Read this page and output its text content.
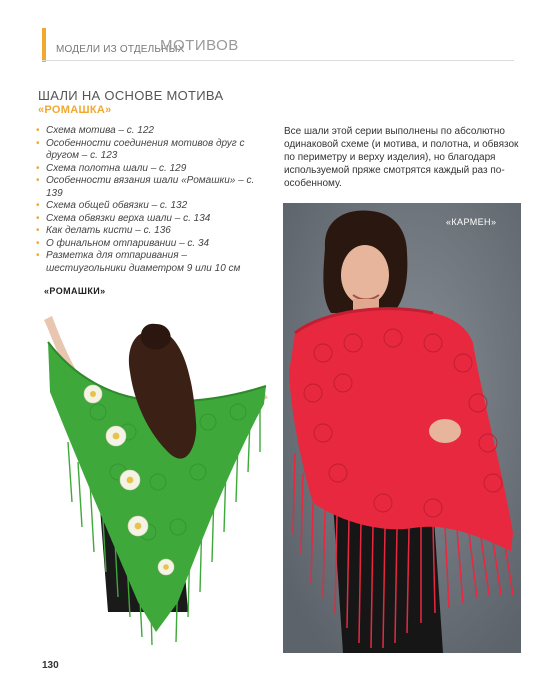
МОДЕЛИ ИЗ ОТДЕЛЬНЫХ
МОТИВОВ
ШАЛИ НА ОСНОВЕ МОТИВА
«РОМАШКА»
• Схема мотива – с. 122
• Особенности соединения мотивов друг с другом – с. 123
• Схема полотна шали – с. 129
• Особенности вязания шали «Ромашки» – с. 139
• Схема общей обвязки – с. 132
• Схема обвязки верха шали – с. 134
• Как делать кисти – с. 136
• О финальном отпаривании – с. 34
• Разметка для отпаривания – шестиугольники диаметром 9 или 10 см
«РОМАШКИ»
Все шали этой серии выполнены по абсолютно одинаковой схеме (и мотива, и полотна, и обвязок по периметру и верху изделия), но благодаря используемой пряже смотрятся каждый раз по-особенному.
«КАРМЕН»
130
